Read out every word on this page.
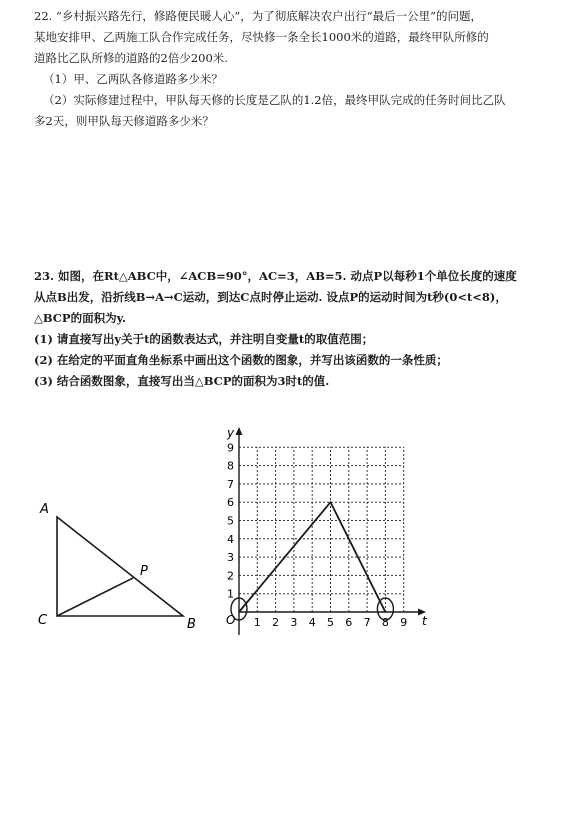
22. “乡村振兴路先行，修路便民暖人心”，为了彻底解决农户出行“最后一公里”的问题，

某地安排甲、乙两施工队合作完成任务，尽快修一条全长1000米的道路，最终甲队所修的

道路比乙队所修的道路的2倍少200米.

（1）甲、乙两队各修道路多少米？

（2）实际修建过程中，甲队每天修的长度是乙队的1.2倍，最终甲队完成的任务时间比乙队

多2天，则甲队每天修道路多少米？

23. 如图，在Rt△ABC中，∠ACB=90°，AC=3，AB=5. 动点P以每秒1个单位长度的速度

从点B出发，沿折线B→A→C运动，到达C点时停止运动. 设点P的运动时间为t秒(0<t<8)，

△BCP的面积为y.

(1) 请直接写出y关于t的函数表达式，并注明自变量t的取值范围；

(2) 在给定的平面直角坐标系中画出这个函数的图象，并写出该函数的一条性质；

(3) 结合函数图象，直接写出当△BCP的面积为3时t的值.

A
P
C	B	1 2 3 4 5 6 7 8 9
1
2
3
4
5
6
7
8
9
O	t
y
